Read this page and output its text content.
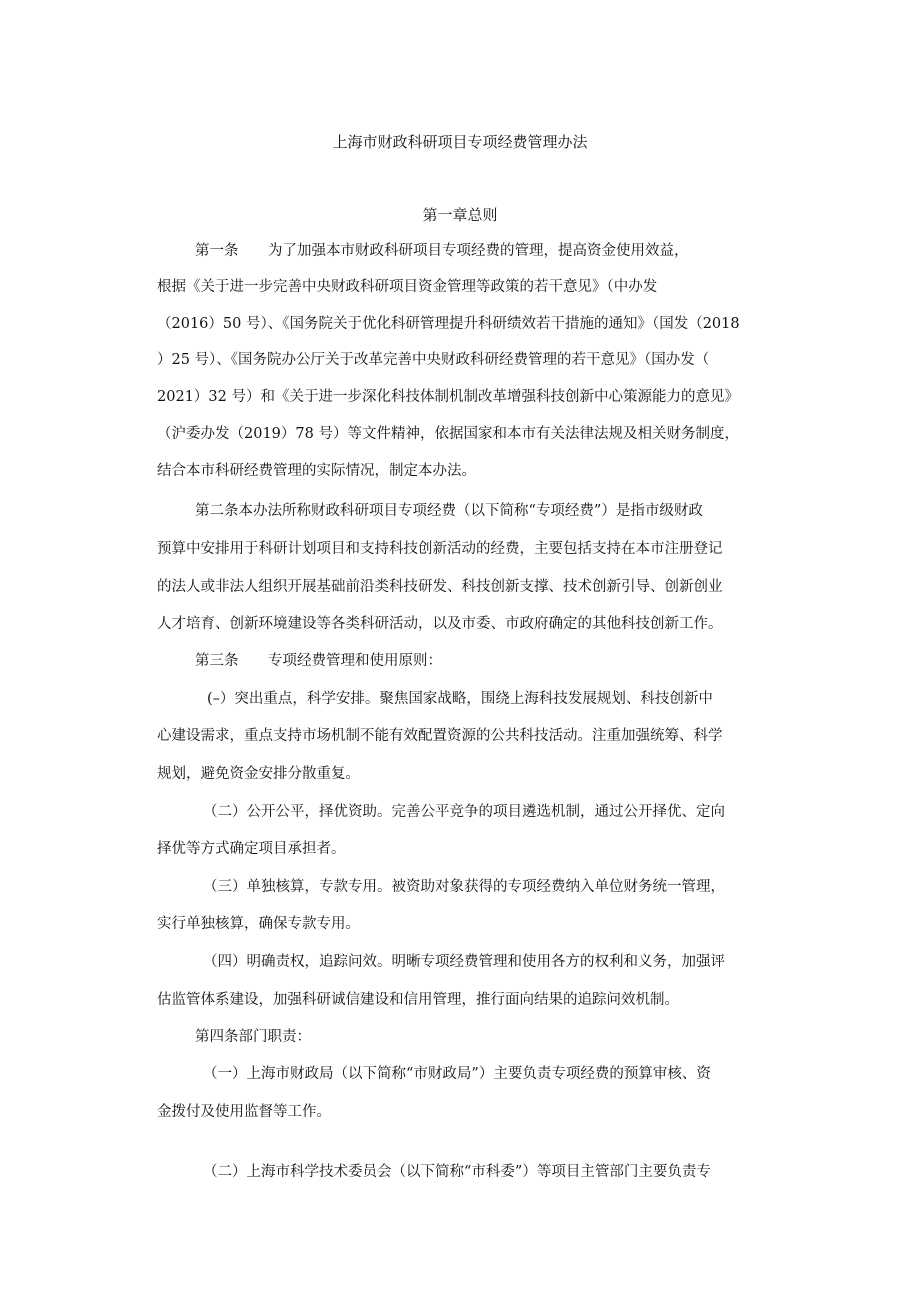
上海市财政科研项目专项经费管理办法

第一章总则

第一条 为了加强本市财政科研项目专项经费的管理，提高资金使用效益，

根据《关于进一步完善中央财政科研项目资金管理等政策的若干意见》（中办发

（2016）50 号）、《国务院关于优化科研管理提升科研绩效若干措施的通知》（国发（2018

）25 号）、《国务院办公厅关于改革完善中央财政科研经费管理的若干意见》（国办发（

2021）32 号）和《关于进一步深化科技体制机制改革增强科技创新中心策源能力的意见》

（沪委办发（2019）78 号）等文件精神，依据国家和本市有关法律法规及相关财务制度，

结合本市科研经费管理的实际情况，制定本办法。

第二条本办法所称财政科研项目专项经费（以下简称“专项经费”）是指市级财政

预算中安排用于科研计划项目和支持科技创新活动的经费，主要包括支持在本市注册登记

的法人或非法人组织开展基础前沿类科技研发、科技创新支撑、技术创新引导、创新创业

人才培育、创新环境建设等各类科研活动，以及市委、市政府确定的其他科技创新工作。

第三条 专项经费管理和使用原则：

(–）突出重点，科学安排。聚焦国家战略，围绕上海科技发展规划、科技创新中

心建设需求，重点支持市场机制不能有效配置资源的公共科技活动。注重加强统筹、科学

规划，避免资金安排分散重复。

（二）公开公平，择优资助。完善公平竞争的项目遴选机制，通过公开择优、定向

择优等方式确定项目承担者。

（三）单独核算，专款专用。被资助对象获得的专项经费纳入单位财务统一管理，

实行单独核算，确保专款专用。

（四）明确责权，追踪问效。明晰专项经费管理和使用各方的权利和义务，加强评

估监管体系建设，加强科研诚信建设和信用管理，推行面向结果的追踪问效机制。

第四条部门职责：

（一）上海市财政局（以下简称“市财政局”）主要负责专项经费的预算审核、资

金拨付及使用监督等工作。

（二）上海市科学技术委员会（以下简称“市科委”）等项目主管部门主要负责专
